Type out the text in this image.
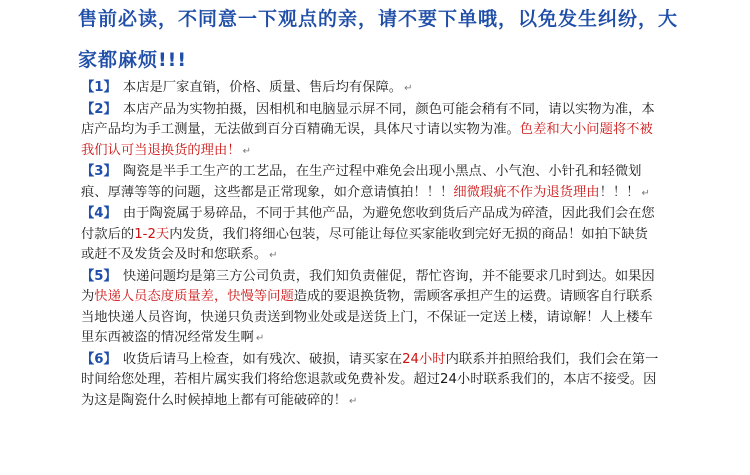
售前必读，不同意一下观点的亲，请不要下单哦，以免发生纠纷，大
家都麻烦!!!

【1】 本店是厂家直销，价格、质量、售后均有保障。 ↵

【2】 本店产品为实物拍摄，因相机和电脑显示屏不同，颜色可能会稍有不同，请以实物为准，本店产品均为手工测量，无法做到百分百精确无误，具体尺寸请以实物为准。色差和大小问题将不被我们认可当退换货的理由！ ↵

【3】 陶瓷是半手工生产的工艺品，在生产过程中难免会出现小黑点、小气泡、小针孔和轻微划痕、厚薄等等的问题，这些都是正常现象，如介意请慎拍！！！细微瑕疵不作为退货理由！！！ ↵

【4】 由于陶瓷属于易碎品，不同于其他产品，为避免您收到货后产品成为碎渣，因此我们会在您付款后的1-2天内发货，我们将细心包装，尽可能让每位买家能收到完好无损的商品！如拍下缺货或赶不及发货会及时和您联系。 ↵

【5】 快递问题均是第三方公司负责，我们知负责催促，帮忙咨询，并不能要求几时到达。如果因为快递人员态度质量差，快慢等问题造成的要退换货物，需顾客承担产生的运费。请顾客自行联系当地快递人员咨询，快递只负责送到物业处或是送货上门，不保证一定送上楼，请谅解！人上楼车里东西被盗的情况经常发生啊 ↵

【6】 收货后请马上检查，如有残次、破损，请买家在24小时内联系并拍照给我们，我们会在第一时间给您处理，若相片属实我们将给您退款或免费补发。超过24小时联系我们的，本店不接受。因为这是陶瓷什么时候掉地上都有可能破碎的！ ↵
